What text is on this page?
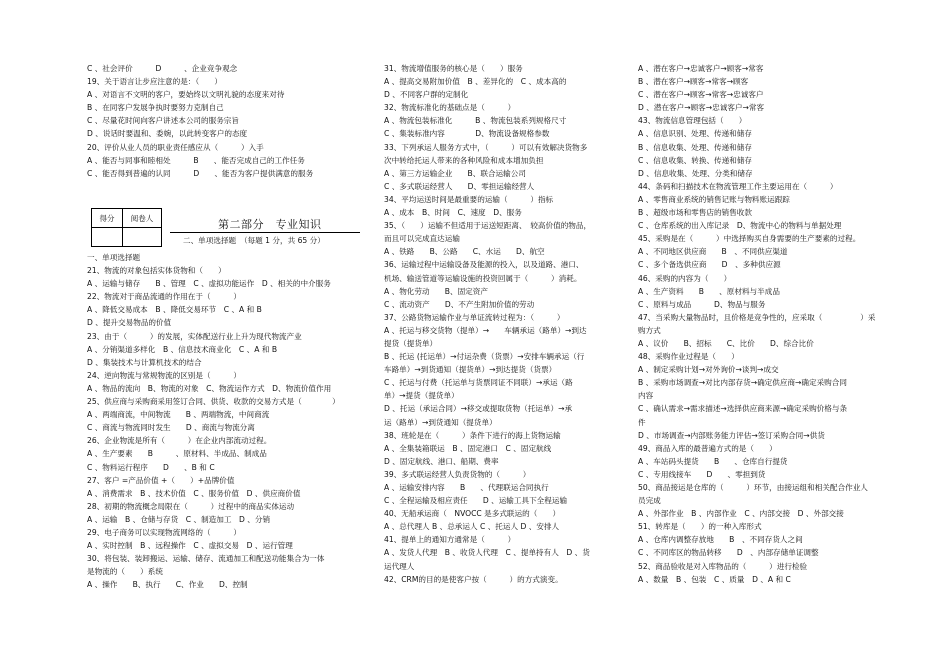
C 、社会评价　　　D　　　、企业竞争观念
19、关于语言让步应注意的是：（　　）
A 、对语言不文明的客户，要始终以文明礼貌的态度来对待
B 、在同客户发展争执时要努力克制自己
C 、尽量花时间向客户讲述本公司的服务宗旨
D 、说话时要温和、委婉，以此转变客户的态度
20、评价从业人员的职业责任感应从（　　　）入手
A 、能否与同事和睦相处　　　B　　、能否完成自己的工作任务
C 、能否得到普遍的认同　　　D　　、能否为客户提供满意的服务
得分	阅卷人
		第二部分　专业知识
二、单项选择题　（每题 1 分，共 65 分）
一、单项选择题
21、物流的对象包括实体货物和（　　）
A 、运输与储存　　B 、管理　C 、虚拟功能运作　D 、相关的中介服务
22、物流对于商品流通的作用在于（　　　）
A 、降低交易成本　B 、降低交易环节　C 、A 和 B
D 、提升交易物品的价值
23、由于（　　　）的发展，实体配送行业上升为现代物流产业
A 、分销渠道多样化　B 、信息技术商业化　C 、A 和 B
D 、集装技术与计算机技术的结合
24、逆向物流与常规物流的区别是（　　　）
A 、物品的流向　B、物流的对象　C、物流运作方式　D、物流价值作用
25、供应商与采购商采用签订合同、供货、收款的交易方式是（　　　　）
A 、两端商流，中间物流　　B 、两端物流，中间商流
C 、商流与物流同时发生　　D 、商流与物流分离
26、企业物流是所有（　　　）在企业内部流动过程。
A 、生产要素　　B　　　、原材料、半成品、制成品
C 、物料运行程序　　D　　、B 和 C
27、客户 =产品价值 +（　　）+品牌价值
A 、消费需求　B 、技术价值　C 、服务价值　D 、供应商价值
28、初期的物流概念局限在（　　　）过程中的商品实体运动
A 、运输　B 、仓储与存货　C 、制造加工　D 、分销
29、电子商务可以实现物流网络的（　　　）
A 、实时控制　B 、远程操作　C 、虚拟交易　D 、运行管理
30、将包装、装卸搬运、运输、储存、流通加工和配送功能集合为一体
是物流的（　　）系统
A 、操作　　B、执行　　C、作业　　D、控制
31、物流增值服务的核心是（　　）服务
A 、提高交易附加价值　B 、差异化的　C 、成本高的
D 、不同客户群的定制化
32、物流标准化的基础点是（　　　）
A 、物流包装标准化　　　B 、物流包装系列规格尺寸
C 、集装标准内容　　　　D、物流设备规格参数
33、下列承运人服务方式中，（　　　）可以有效解决货物多
次中转给托运人带来的各种风险和成本增加负担
A 、第三方运输企业　　B、联合运输公司
C 、多式联运经营人　　D、零担运输经营人
34、平均运送时间是最重要的运输（　　　）指标
A 、成本　B、时间　C、速度　D、服务
35、（　　）运输不但适用于运送短距离、　较高价值的物品，
而且可以完成直达运输
A 、铁路　　B、公路　　C、水运　　D、航空
36、运输过程中运输设备及能源的投入，以及道路、港口、
机场、输送管道等运输设施的投资回属于（　　　）消耗。
A 、物化劳动　　B、固定资产
C 、流动资产　　D、不产生附加价值的劳动
37、公路货物运输作业与单证流转过程为：（　　　）
A 、托运与移交货物（提单）→　　车辆承运（路单）→到达
提货（提货单）
B 、托运 (托运单）→付运杂费（货票）→安排车辆承运（行
车路单）→到货通知（提货单）→到达提货（货票）
C 、托运与付费（托运单与货票同证不同联）→承运（路
单）→提货（提货单）
D 、托运（承运合同）→移交或提取货物（托运单）→承
运（路单）→到货通知（提货单）
38、班轮是在（　　　）条件下进行的海上货物运输
A 、全集装箱联运　B 、固定港口　C 、固定航线
D 、固定航线、港口、船期、费率
39、多式联运经营人负责货物的（　　　）
A 、运输安排内容　　B　　、代理联运合同执行
C 、全程运输及相应责任　　D 、运输工具下全程运输
40、无船承运商（　NVOCC 是多式联运的（　　）
A 、总代理人 B 、总承运人 C 、托运人 D 、安排人
41、提单上的通知方通常是（　　　）
A 、发货人代理　B 、收货人代理　C 、提单持有人　D 、货
运代理人
42、CRM的目的是使客户按（　　　）的方式演变。
A 、潜在客户→忠诚客户→顾客→常客
B 、潜在客户→顾客→常客→顾客
C 、潜在客户→顾客→常客→忠诚客户
D 、潜在客户→顾客→忠诚客户→常客
43、物流信息管理包括（　　）
A 、信息识别、处理、传递和储存
B 、信息收集、处理、传递和储存
C 、信息收集、转换、传递和储存
D 、信息收集、处理、分类和储存
44、条码和扫描技术在物流管理工作主要运用在（　　　）
A 、零售商业系统的销售记账与物料账运跟踪
B 、超级市场和零售店的销售收款
C 、仓库系统的出入库记录　D、物流中心的物料与单据处理
45、采购是在（　　　）中选择购买自身需要的生产要素的过程。
A 、不同地区供应商　　B　、不同供应渠道
C 、多个备选供应商　　D　、多种供应源
46、采购的内容为（　　）
A 、生产资料　　B　　、原材料与半成品
C 、原料与成品　　　D、物品与服务
47、当采购大量物品时，且价格是竞争性的，应采取（　　　　　）采
购方式
A 、议价　　B、招标　　C、比价　　D、综合比价
48、采购作业过程是（　　）
A 、制定采购计划→对外询价→谈判→成交
B 、采购市场调查→对比内部存货→确定供应商→确定采购合同
内容
C 、确认需求→需求描述→选择供应商来源→确定采购价格与条
件
D 、市场调查→内部账务能力评估→签订采购合同→供货
49、商品入库的最普遍方式的是（　　）
A 、车站码头提货　　B　　、仓库自行提货
C 、专用线接车　　D　　、零担到货
50、商品接运是仓库的（　　　）环节，由接运组和相关配合作业人
员完成
A 、外部作业　B 、内部作业　C 、内部交接　D 、外部交接
51、转库是（　　）的一种入库形式
A 、仓库内调整存放地　　B　、不同存货人之间
C 、不同库区的物品转移　　D　、内部存储单证调整
52、商品验收是对入库物品的（　　　）进行检验
A 、数量　B 、包装　C 、质量　D 、A 和 C
